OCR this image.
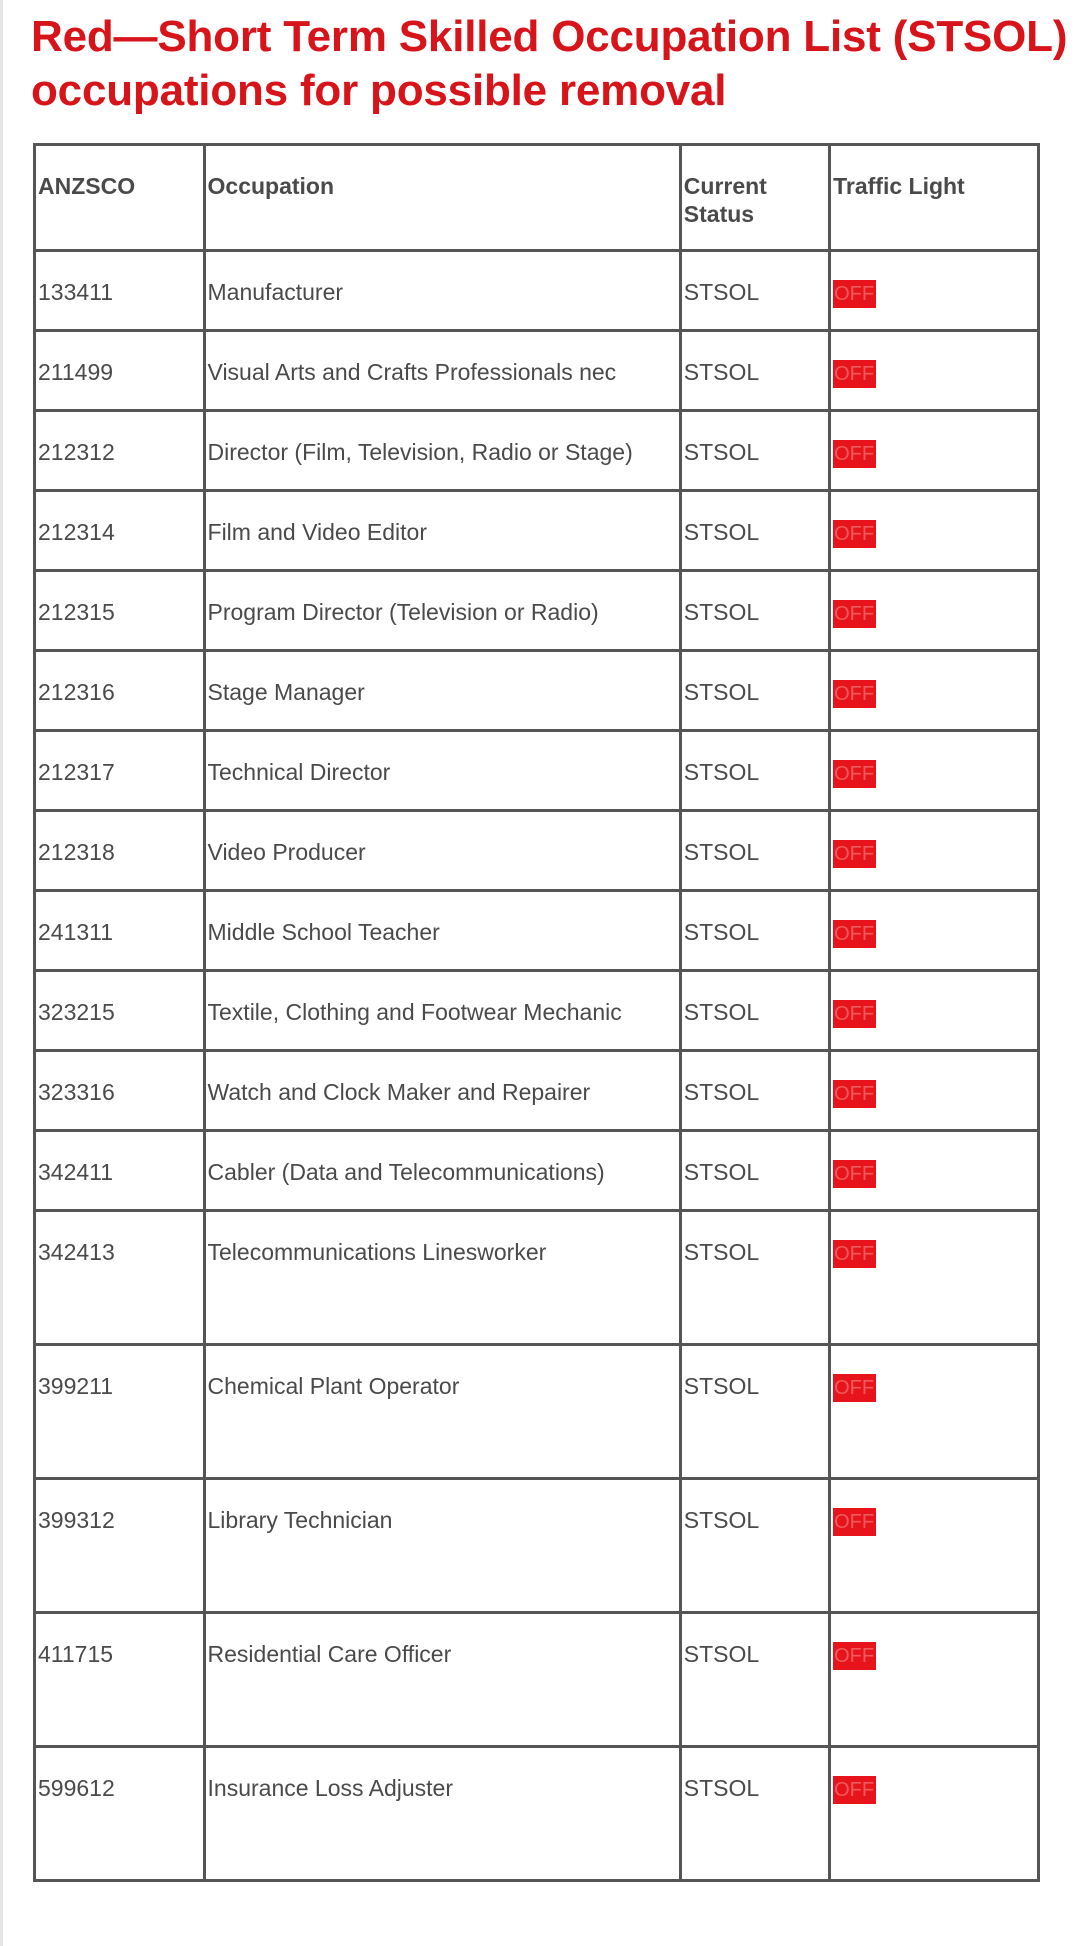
Red—Short Term Skilled Occupation List (STSOL) occupations for possible removal
ANZSCO	Occupation	Current Status	Traffic Light
133411	Manufacturer	STSOL	OFF
211499	Visual Arts and Crafts Professionals nec	STSOL	OFF
212312	Director (Film, Television, Radio or Stage)	STSOL	OFF
212314	Film and Video Editor	STSOL	OFF
212315	Program Director (Television or Radio)	STSOL	OFF
212316	Stage Manager	STSOL	OFF
212317	Technical Director	STSOL	OFF
212318	Video Producer	STSOL	OFF
241311	Middle School Teacher	STSOL	OFF
323215	Textile, Clothing and Footwear Mechanic	STSOL	OFF
323316	Watch and Clock Maker and Repairer	STSOL	OFF
342411	Cabler (Data and Telecommunications)	STSOL	OFF
342413	Telecommunications Linesworker	STSOL	OFF
399211	Chemical Plant Operator	STSOL	OFF
399312	Library Technician	STSOL	OFF
411715	Residential Care Officer	STSOL	OFF
599612	Insurance Loss Adjuster	STSOL	OFF
